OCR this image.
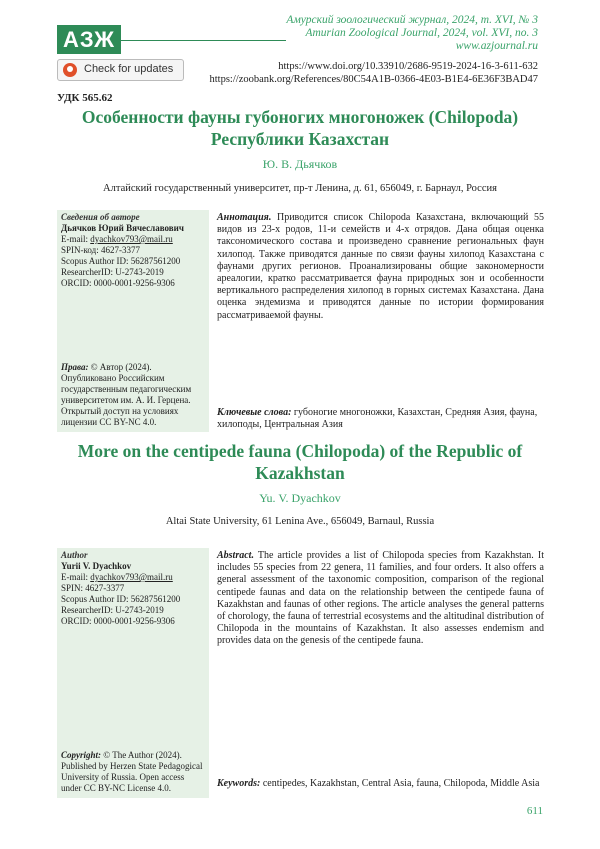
АЗЖ
Амурский зоологический журнал, 2024, т. XVI, № 3
Amurian Zoological Journal, 2024, vol. XVI, no. 3
www.azjournal.ru
Check for updates	https://www.doi.org/10.33910/2686-9519-2024-16-3-611-632
https://zoobank.org/References/80C54A1B-0366-4E03-B1E4-6E36F3BAD47
УДК 565.62
Особенности фауны губоногих многоножек (Chilopoda)
Республики Казахстан
Ю. В. Дьячков
Алтайский государственный университет, пр-т Ленина, д. 61, 656049, г. Барнаул, Россия
Сведения об авторе
Дьячков Юрий Вячеславович
E-mail: dyachkov793@mail.ru
SPIN-код: 4627-3377
Scopus Author ID: 56287561200
ResearcherID: U-2743-2019
ORCID: 0000-0001-9256-9306
Права: © Автор (2024). Опубликовано Российским государственным педагогическим университетом им. А. И. Герцена. Открытый доступ на условиях лицензии CC BY-NC 4.0.
Аннотация. Приводится список Chilopoda Казахстана, включающий 55 видов из 23-х родов, 11-и семейств и 4-х отрядов. Дана общая оценка таксономического состава и произведено сравнение региональных фаун хилопод. Также приводятся данные по связи фауны хилопод Казахстана с фаунами других регионов. Проанализированы общие закономерности ареалогии, кратко рассматривается фауна природных зон и особенности вертикального распределения хилопод в горных системах Казахстана. Дана оценка эндемизма и приводятся данные по истории формирования рассматриваемой фауны.
Ключевые слова: губоногие многоножки, Казахстан, Средняя Азия, фауна, хилоподы, Центральная Азия
More on the centipede fauna (Chilopoda) of the Republic of
Kazakhstan
Yu. V. Dyachkov
Altai State University, 61 Lenina Ave., 656049, Barnaul, Russia
Author
Yurii V. Dyachkov
E-mail: dyachkov793@mail.ru
SPIN: 4627-3377
Scopus Author ID: 56287561200
ResearcherID: U-2743-2019
ORCID: 0000-0001-9256-9306
Copyright: © The Author (2024). Published by Herzen State Pedagogical University of Russia. Open access under CC BY-NC License 4.0.
Abstract. The article provides a list of Chilopoda species from Kazakhstan. It includes 55 species from 22 genera, 11 families, and four orders. It also offers a general assessment of the taxonomic composition, comparison of the regional centipede faunas and data on the relationship between the centipede fauna of Kazakhstan and faunas of other regions. The article analyses the general patterns of chorology, the fauna of terrestrial ecosystems and the altitudinal distribution of Chilopoda in the mountains of Kazakhstan. It also assesses endemism and provides data on the genesis of the centipede fauna.
Keywords: centipedes, Kazakhstan, Central Asia, fauna, Chilopoda, Middle Asia
611
